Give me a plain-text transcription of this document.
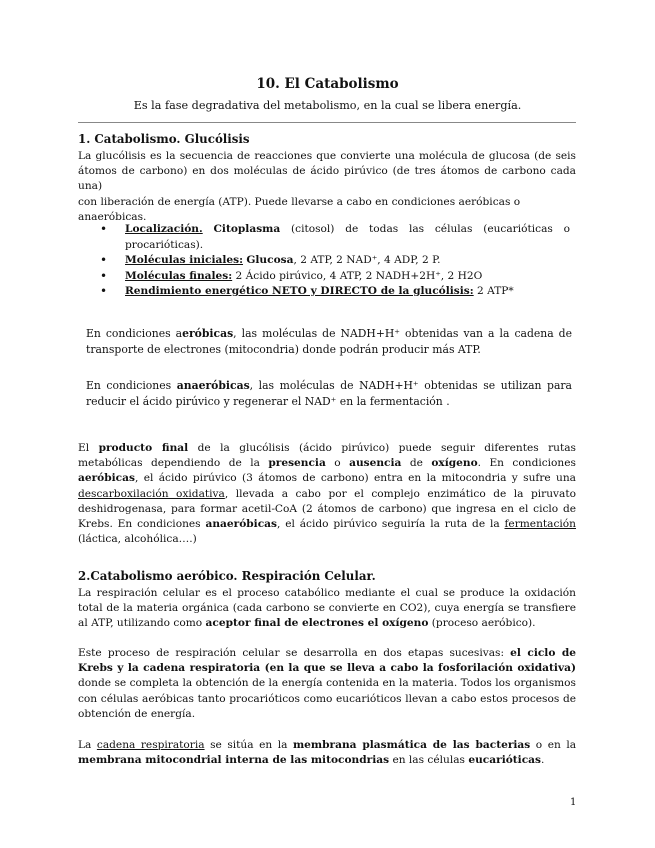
10. El Catabolismo
Es la fase degradativa del metabolismo, en la cual se libera energía.
1. Catabolismo. Glucólisis
La glucólisis es la secuencia de reacciones que convierte una molécula de glucosa (de seis átomos de carbono) en dos moléculas de ácido pirúvico (de tres átomos de carbono cada una)
con liberación de energía (ATP). Puede llevarse a cabo en condiciones aeróbicas o anaeróbicas.
• Localización. Citoplasma (citosol) de todas las células (eucarióticas o procarióticas).
• Moléculas iniciales: Glucosa, 2 ATP, 2 NAD⁺, 4 ADP, 2 P.
• Moléculas finales: 2 Ácido pirúvico, 4 ATP, 2 NADH+2H⁺, 2 H2O
• Rendimiento energético NETO y DIRECTO de la glucólisis: 2 ATP*
En condiciones aeróbicas, las moléculas de NADH+H⁺ obtenidas van a la cadena de transporte de electrones (mitocondria) donde podrán producir más ATP.
En condiciones anaeróbicas, las moléculas de NADH+H⁺ obtenidas se utilizan para reducir el ácido pirúvico y regenerar el NAD⁺ en la fermentación .
El producto final de la glucólisis (ácido pirúvico) puede seguir diferentes rutas metabólicas dependiendo de la presencia o ausencia de oxígeno. En condiciones aeróbicas, el ácido pirúvico (3 átomos de carbono) entra en la mitocondria y sufre una descarboxilación oxidativa, llevada a cabo por el complejo enzimático de la piruvato deshidrogenasa, para formar acetil-CoA (2 átomos de carbono) que ingresa en el ciclo de Krebs. En condiciones anaeróbicas, el ácido pirúvico seguiría la ruta de la fermentación (láctica, alcohólica….)
2.Catabolismo aeróbico. Respiración Celular.
La respiración celular es el proceso catabólico mediante el cual se produce la oxidación total de la materia orgánica (cada carbono se convierte en CO2), cuya energía se transfiere al ATP, utilizando como aceptor final de electrones el oxígeno (proceso aeróbico).
Este proceso de respiración celular se desarrolla en dos etapas sucesivas: el ciclo de Krebs y la cadena respiratoria (en la que se lleva a cabo la fosforilación oxidativa) donde se completa la obtención de la energía contenida en la materia. Todos los organismos con células aeróbicas tanto procarióticos como eucarióticos llevan a cabo estos procesos de obtención de energía.
La cadena respiratoria se sitúa en la membrana plasmática de las bacterias o en la membrana mitocondrial interna de las mitocondrias en las células eucarióticas.
1
